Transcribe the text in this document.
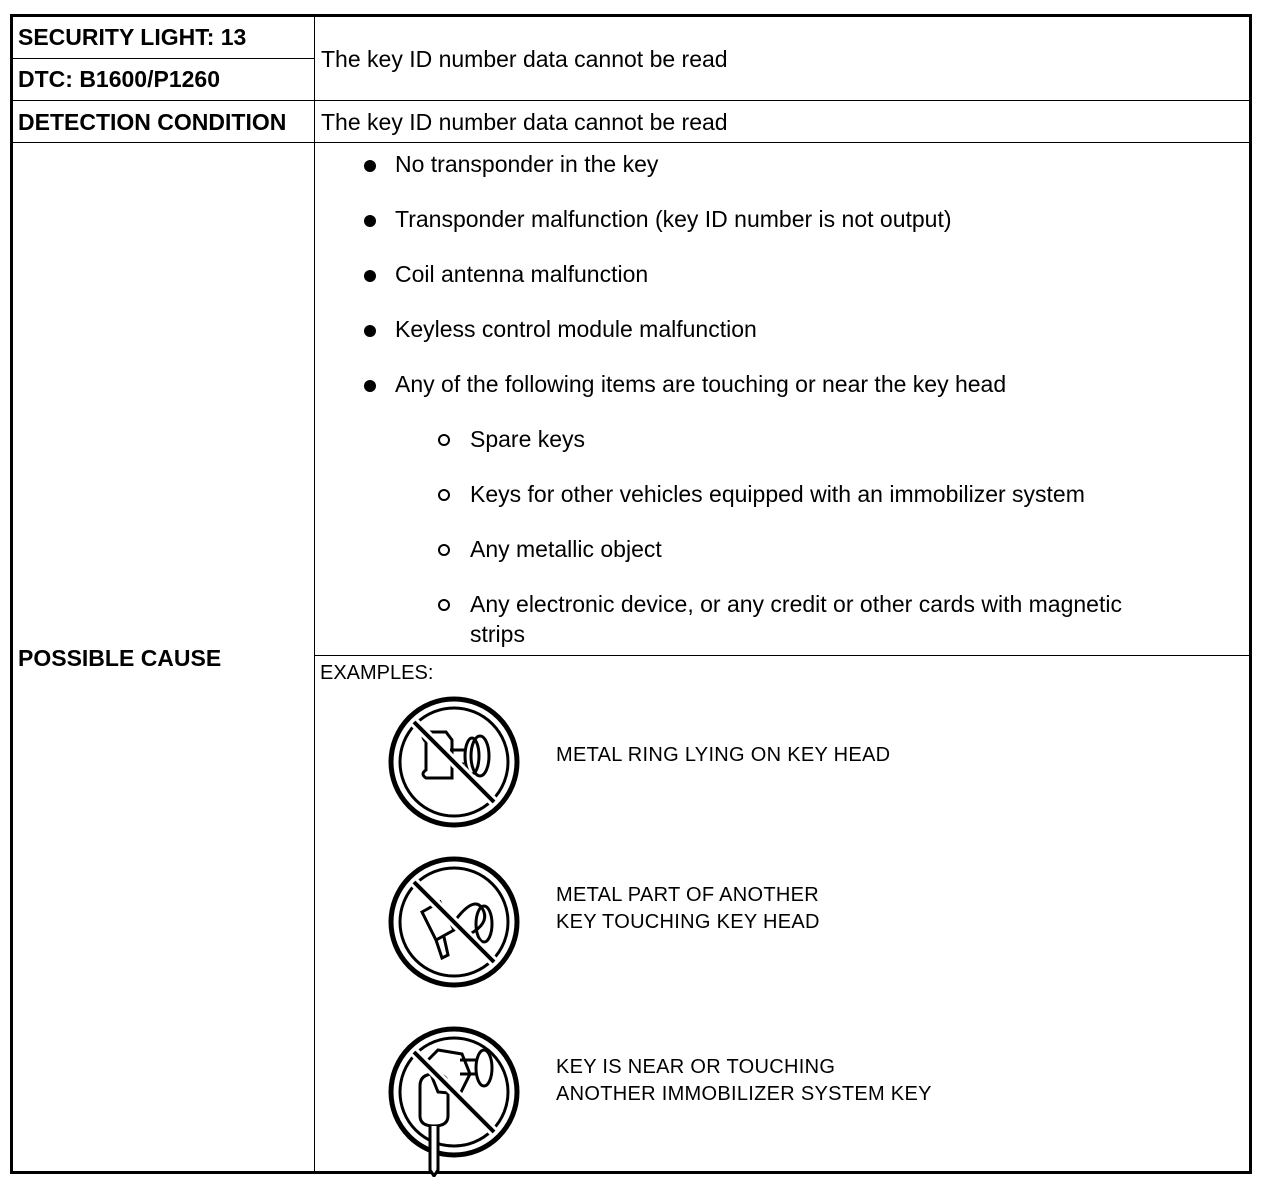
SECURITY LIGHT: 13
DTC: B1600/P1260
The key ID number data cannot be read
DETECTION CONDITION The key ID number data cannot be read
POSSIBLE CAUSE
No transponder in the key
Transponder malfunction (key ID number is not output)
Coil antenna malfunction
Keyless control module malfunction
Any of the following items are touching or near the key head
Spare keys
Keys for other vehicles equipped with an immobilizer system
Any metallic object
Any electronic device, or any credit or other cards with magnetic
strips
EXAMPLES:
METAL RING LYING ON KEY HEAD
METAL PART OF ANOTHER
KEY TOUCHING KEY HEAD
KEY IS NEAR OR TOUCHING
ANOTHER IMMOBILIZER SYSTEM KEY
